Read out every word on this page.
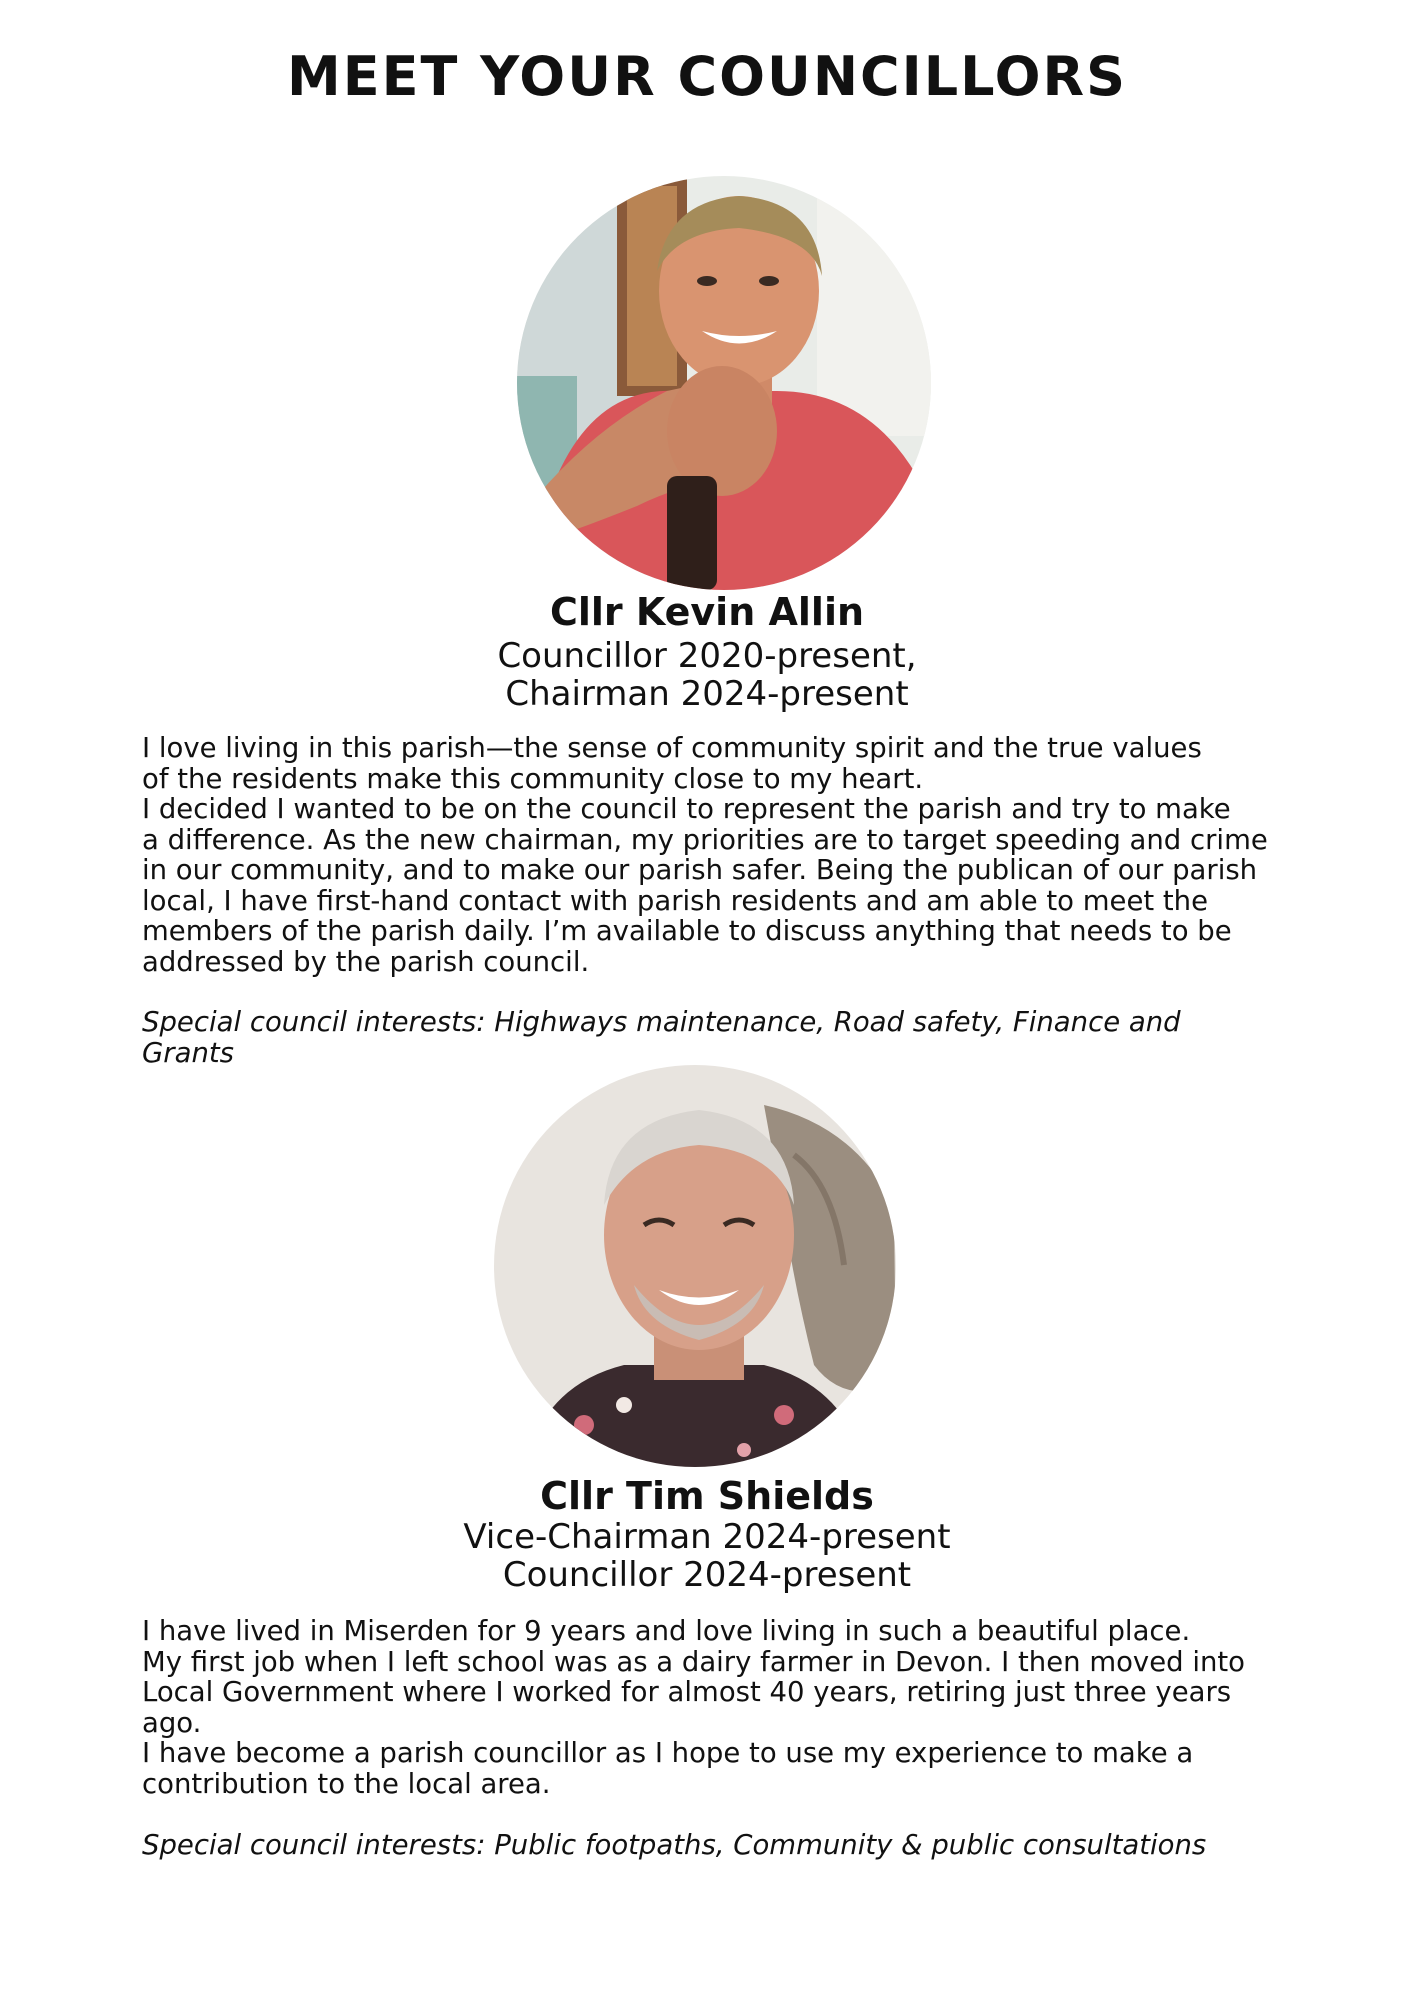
MEET YOUR COUNCILLORS
Cllr Kevin Allin
Councillor 2020-present,
Chairman 2024-present

I love living in this parish—the sense of community spirit and the true values

of the residents make this community close to my heart.

I decided I wanted to be on the council to represent the parish and try to make

a difference. As the new chairman, my priorities are to target speeding and crime

in our community, and to make our parish safer. Being the publican of our parish

local, I have first-hand contact with parish residents and am able to meet the

members of the parish daily. I’m available to discuss anything that needs to be

addressed by the parish council.

Special council interests: Highways maintenance, Road safety, Finance and

Grants

Cllr Tim Shields
Vice-Chairman 2024-present
Councillor 2024-present

I have lived in Miserden for 9 years and love living in such a beautiful place.

My first job when I left school was as a dairy farmer in Devon. I then moved into

Local Government where I worked for almost 40 years, retiring just three years

ago.

I have become a parish councillor as I hope to use my experience to make a

contribution to the local area.

Special council interests: Public footpaths, Community & public consultations
